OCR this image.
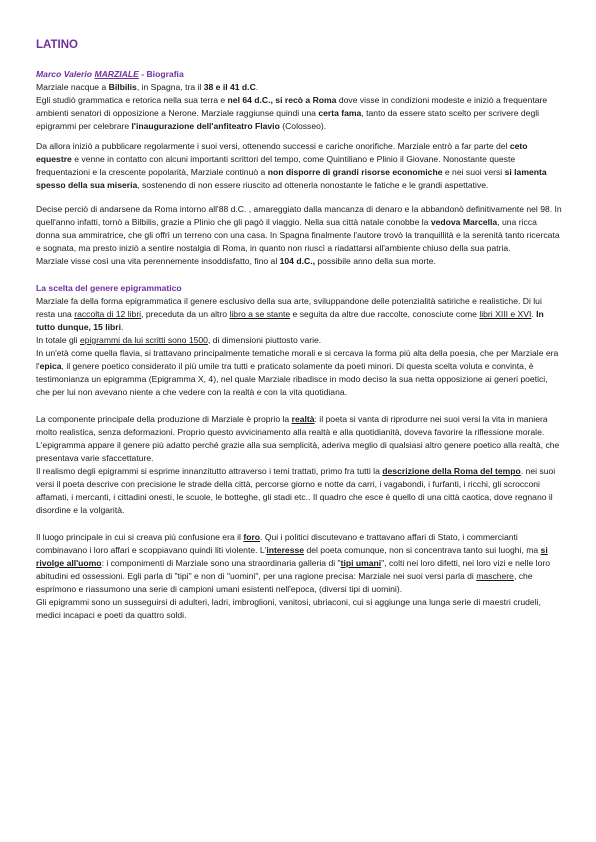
LATINO
Marco Valerio MARZIALE - Biografia

Marziale nacque a Bilbilis, in Spagna, tra il 38 e il 41 d.C.
Egli studiò grammatica e retorica nella sua terra e nel 64 d.C., si recò a Roma dove visse in condizioni modeste e iniziò a frequentare ambienti senatori di opposizione a Nerone. Marziale raggiunse quindi una certa fama, tanto da essere stato scelto per scrivere degli epigrammi per celebrare l'inaugurazione dell'anfiteatro Flavio (Colosseo).

Da allora iniziò a pubblicare regolarmente i suoi versi, ottenendo successi e cariche onorifiche. Marziale entrò a far parte del ceto equestre e venne in contatto con alcuni importanti scrittori del tempo, come Quintiliano e Plinio il Giovane. Nonostante queste frequentazioni e la crescente popolarità, Marziale continuò a non disporre di grandi risorse economiche e nei suoi versi si lamenta spesso della sua miseria, sostenendo di non essere riuscito ad ottenerla nonostante le fatiche e le grandi aspettative.

Decise perciò di andarsene da Roma intorno all'88 d.C. , amareggiato dalla mancanza di denaro e la abbandonò definitivamente nel 98. In quell'anno infatti, tornò a Bilbilis, grazie a Plinio che gli pagò il viaggio. Nella sua città natale conobbe la vedova Marcella, una ricca donna sua ammiratrice, che gli offrì un terreno con una casa. In Spagna finalmente l'autore trovò la tranquillità e la serenità tanto ricercata e sognata, ma presto iniziò a sentire nostalgia di Roma, in quanto non riuscì a riadattarsi all'ambiente chiuso della sua patria.
Marziale visse così una vita perennemente insoddisfatto, fino al 104 d.C., possibile anno della sua morte.

La scelta del genere epigrammatico

Marziale fa della forma epigrammatica il genere esclusivo della sua arte, sviluppandone delle potenzialità satiriche e realistiche. Di lui resta una raccolta di 12 libri, preceduta da un altro libro a se stante e seguita da altre due raccolte, conosciute come libri XIII e XVI. In tutto dunque, 15 libri.
In totale gli epigrammi da lui scritti sono 1500, di dimensioni piuttosto varie.
In un'età come quella flavia, si trattavano principalmente tematiche morali e si cercava la forma più alta della poesia, che per Marziale era l'epica, il genere poetico considerato il più umile tra tutti e praticato solamente da poeti minori. Di questa scelta voluta e convinta, è testimonianza un epigramma (Epigramma X, 4), nel quale Marziale ribadisce in modo deciso la sua netta opposizione ai generi poetici, che per lui non avevano niente a che vedere con la realtà e con la vita quotidiana.

La componente principale della produzione di Marziale è proprio la realtà: il poeta si vanta di riprodurre nei suoi versi la vita in maniera molto realistica, senza deformazioni. Proprio questo avvicinamento alla realtà e alla quotidianità, doveva favorire la riflessione morale. L'epigramma appare il genere più adatto perché grazie alla sua semplicità, aderiva meglio di qualsiasi altro genere poetico alla realtà, che presentava varie sfaccettature.
Il realismo degli epigrammi si esprime innanzitutto attraverso i temi trattati, primo fra tutti la descrizione della Roma del tempo. nei suoi versi il poeta descrive con precisione le strade della città, percorse giorno e notte da carri, i vagabondi, i furfanti, i ricchi, gli scrocconi affamati, i mercanti, i cittadini onesti, le scuole, le botteghe, gli stadi etc.. Il quadro che esce è quello di una città caotica, dove regnano il disordine e la volgarità.

Il luogo principale in cui si creava più confusione era il foro. Qui i politici discutevano e trattavano affari di Stato, i commercianti combinavano i loro affari e scoppiavano quindi liti violente. L'interesse del poeta comunque, non si concentrava tanto sui luoghi, ma si rivolge all'uomo: i componimenti di Marziale sono una straordinaria galleria di "tipi umani", colti nei loro difetti, nei loro vizi e nelle loro abitudini ed ossessioni. Egli parla di "tipi" e non di "uomini", per una ragione precisa: Marziale nei suoi versi parla di maschere, che esprimono e riassumono una serie di campioni umani esistenti nell'epoca, (diversi tipi di uomini).
Gli epigrammi sono un susseguirsi di adulteri, ladri, imbroglioni, vanitosi, ubriaconi, cui si aggiunge una lunga serie di maestri crudeli, medici incapaci e poeti da quattro soldi.
